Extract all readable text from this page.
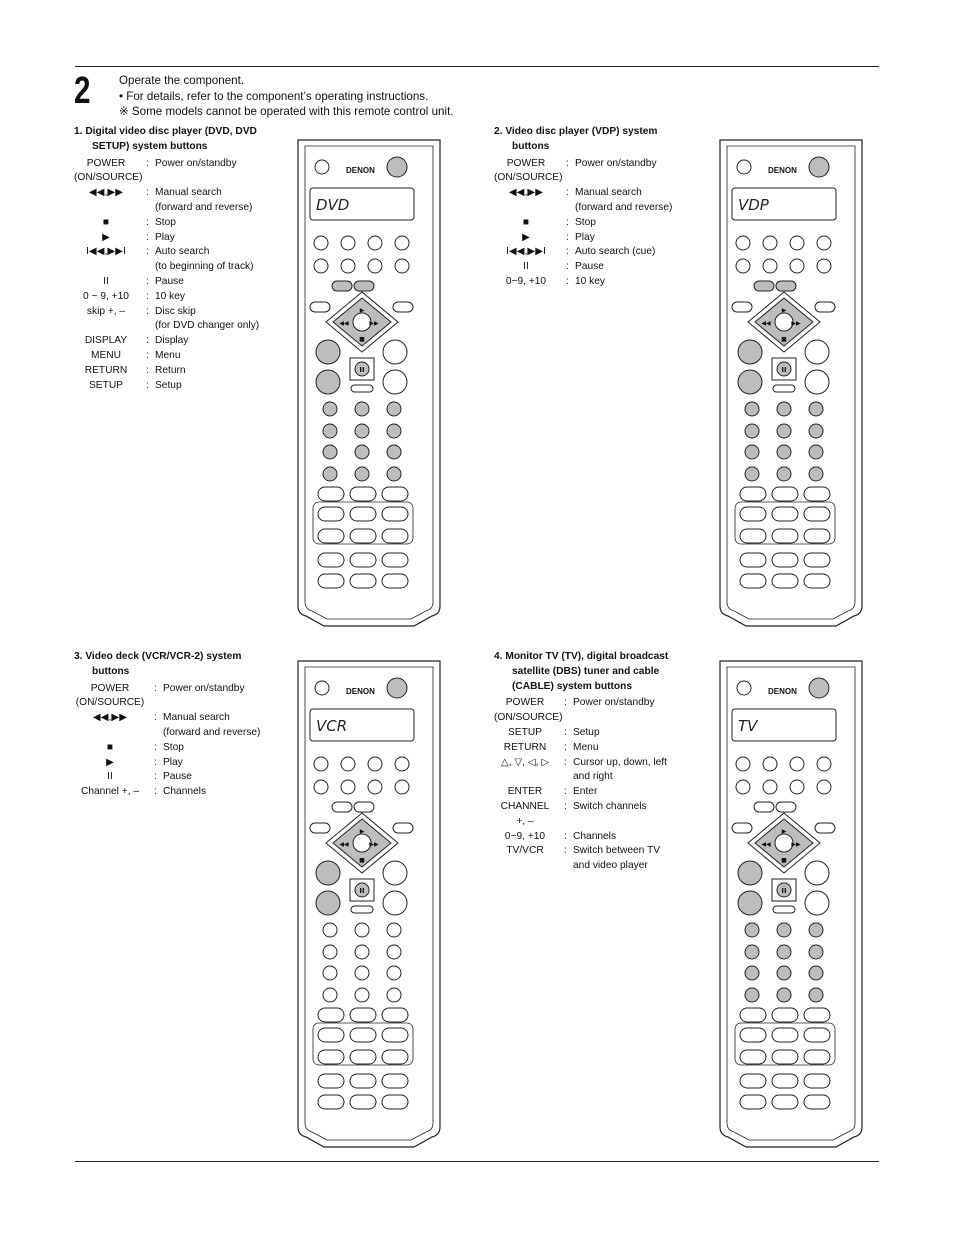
2 Operate the component.
• For details, refer to the component’s operating instructions.
※ Some models cannot be operated with this remote control unit.
1. Digital video disc player (DVD, DVD SETUP) system buttons
POWER	: Power on/standby
(ON/SOURCE)
◀◀,▶▶	: Manual search
(forward and reverse)
■	: Stop
▶	: Play
I◀◀,▶▶I	: Auto search
(to beginning of track)
II	: Pause
0 ~ 9, +10	: 10 key
skip +, –	: Disc skip
(for DVD changer only)
DISPLAY	: Display
MENU	: Menu
RETURN	: Return
SETUP	: Setup
2. Video disc player (VDP) system buttons
POWER	: Power on/standby
(ON/SOURCE)
◀◀,▶▶	: Manual search
(forward and reverse)
■	: Stop
▶	: Play
I◀◀,▶▶I	: Auto search (cue)
II	: Pause
0~9, +10	: 10 key
3. Video deck (VCR/VCR-2) system buttons
POWER	: Power on/standby
(ON/SOURCE)
◀◀,▶▶	: Manual search
(forward and reverse)
■	: Stop
▶	: Play
II	: Pause
Channel +, –	: Channels
4. Monitor TV (TV), digital broadcast satellite (DBS) tuner and cable (CABLE) system buttons
POWER	: Power on/standby
(ON/SOURCE)
SETUP	: Setup
RETURN	: Menu
△, ▽, ◁, ▷	: Cursor up, down, left
and right
ENTER	: Enter
CHANNEL	: Switch channels
+, –
0~9, +10	: Channels
TV/VCR	: Switch between TV
and video player
DENON
DVD
▶
■
◀◀	▶▶
II
DENON
VDP
▶
■
◀◀	▶▶
II
DENON
VCR
▶
■
◀◀	▶▶
II
DENON
TV
▶
■
◀◀	▶▶
II
